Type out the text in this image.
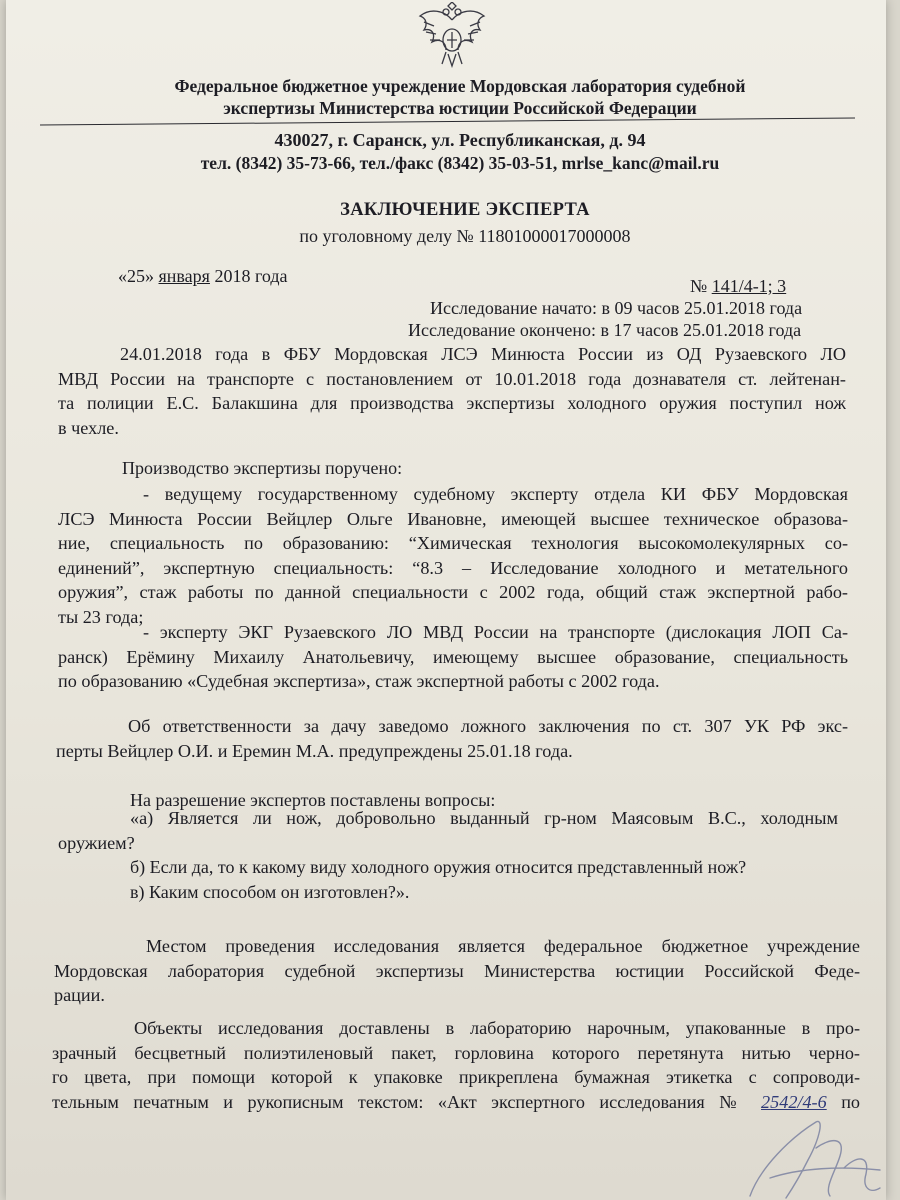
Федеральное бюджетное учреждение Мордовская лаборатория судебной
экспертизы Министерства юстиции Российской Федерации
430027, г. Саранск, ул. Республиканская, д. 94
тел. (8342) 35-73-66, тел./факс (8342) 35-03-51, mrlse_kanc@mail.ru
ЗАКЛЮЧЕНИЕ ЭКСПЕРТА
по уголовному делу № 11801000017000008
«25» января 2018 года	№ 141/4-1; 3
Исследование начато: в 09 часов 25.01.2018 года
Исследование окончено: в 17 часов 25.01.2018 года
24.01.2018 года в ФБУ Мордовская ЛСЭ Минюста России из ОД Рузаевского ЛО
МВД России на транспорте с постановлением от 10.01.2018 года дознавателя ст. лейтенан-
та полиции Е.С. Балакшина для производства экспертизы холодного оружия поступил нож
в чехле.
Производство экспертизы поручено:
- ведущему государственному судебному эксперту отдела КИ ФБУ Мордовская
ЛСЭ Минюста России Вейцлер Ольге Ивановне, имеющей высшее техническое образова-
ние, специальность по образованию: “Химическая технология высокомолекулярных со-
единений”, экспертную специальность: “8.3 – Исследование холодного и метательного
оружия”, стаж работы по данной специальности с 2002 года, общий стаж экспертной рабо-
ты 23 года;
- эксперту ЭКГ Рузаевского ЛО МВД России на транспорте (дислокация ЛОП Са-
ранск) Ерёмину Михаилу Анатольевичу, имеющему высшее образование, специальность
по образованию «Судебная экспертиза», стаж экспертной работы с 2002 года.
Об ответственности за дачу заведомо ложного заключения по ст. 307 УК РФ экс-
перты Вейцлер О.И. и Еремин М.А. предупреждены 25.01.18 года.
На разрешение экспертов поставлены вопросы:
«а) Является ли нож, добровольно выданный гр-ном Маясовым В.С., холодным
оружием?
б) Если да, то к какому виду холодного оружия относится представленный нож?
в) Каким способом он изготовлен?».
Местом проведения исследования является федеральное бюджетное учреждение
Мордовская лаборатория судебной экспертизы Министерства юстиции Российской Феде-
рации.
Объекты исследования доставлены в лабораторию нарочным, упакованные в про-
зрачный бесцветный полиэтиленовый пакет, горловина которого перетянута нитью черно-
го цвета, при помощи которой к упаковке прикреплена бумажная этикетка с сопроводи-
тельным печатным и рукописным текстом: «Акт экспертного исследования № 2542/4-6 по
